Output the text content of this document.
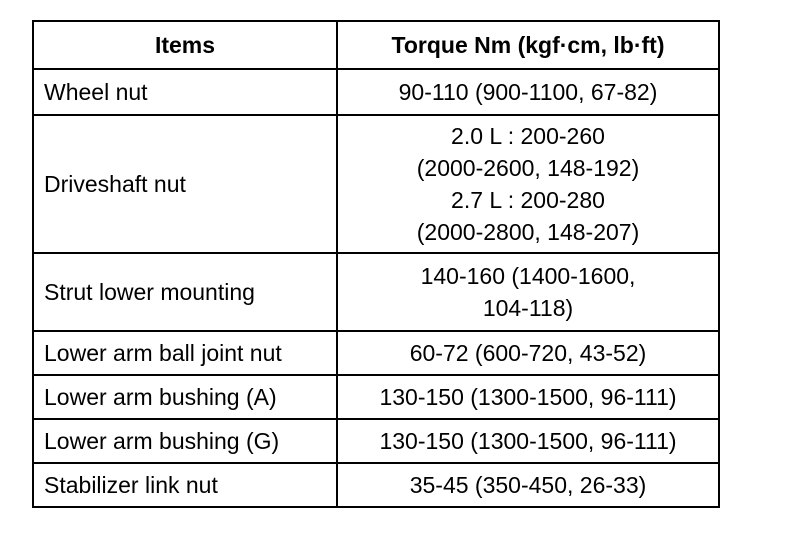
Items	Torque Nm (kgf·cm, lb·ft)
Wheel nut	90-110 (900-1100, 67-82)

Driveshaft nut	2.0 L : 200-260
(2000-2600, 148-192)
2.7 L : 200-280
(2000-2800, 148-207)

Strut lower mounting	140-160 (1400-1600,
104-118)

Lower arm ball joint nut	60-72 (600-720, 43-52)

Lower arm bushing (A)	130-150 (1300-1500, 96-111)

Lower arm bushing (G)	130-150 (1300-1500, 96-111)

Stabilizer link nut	35-45 (350-450, 26-33)
